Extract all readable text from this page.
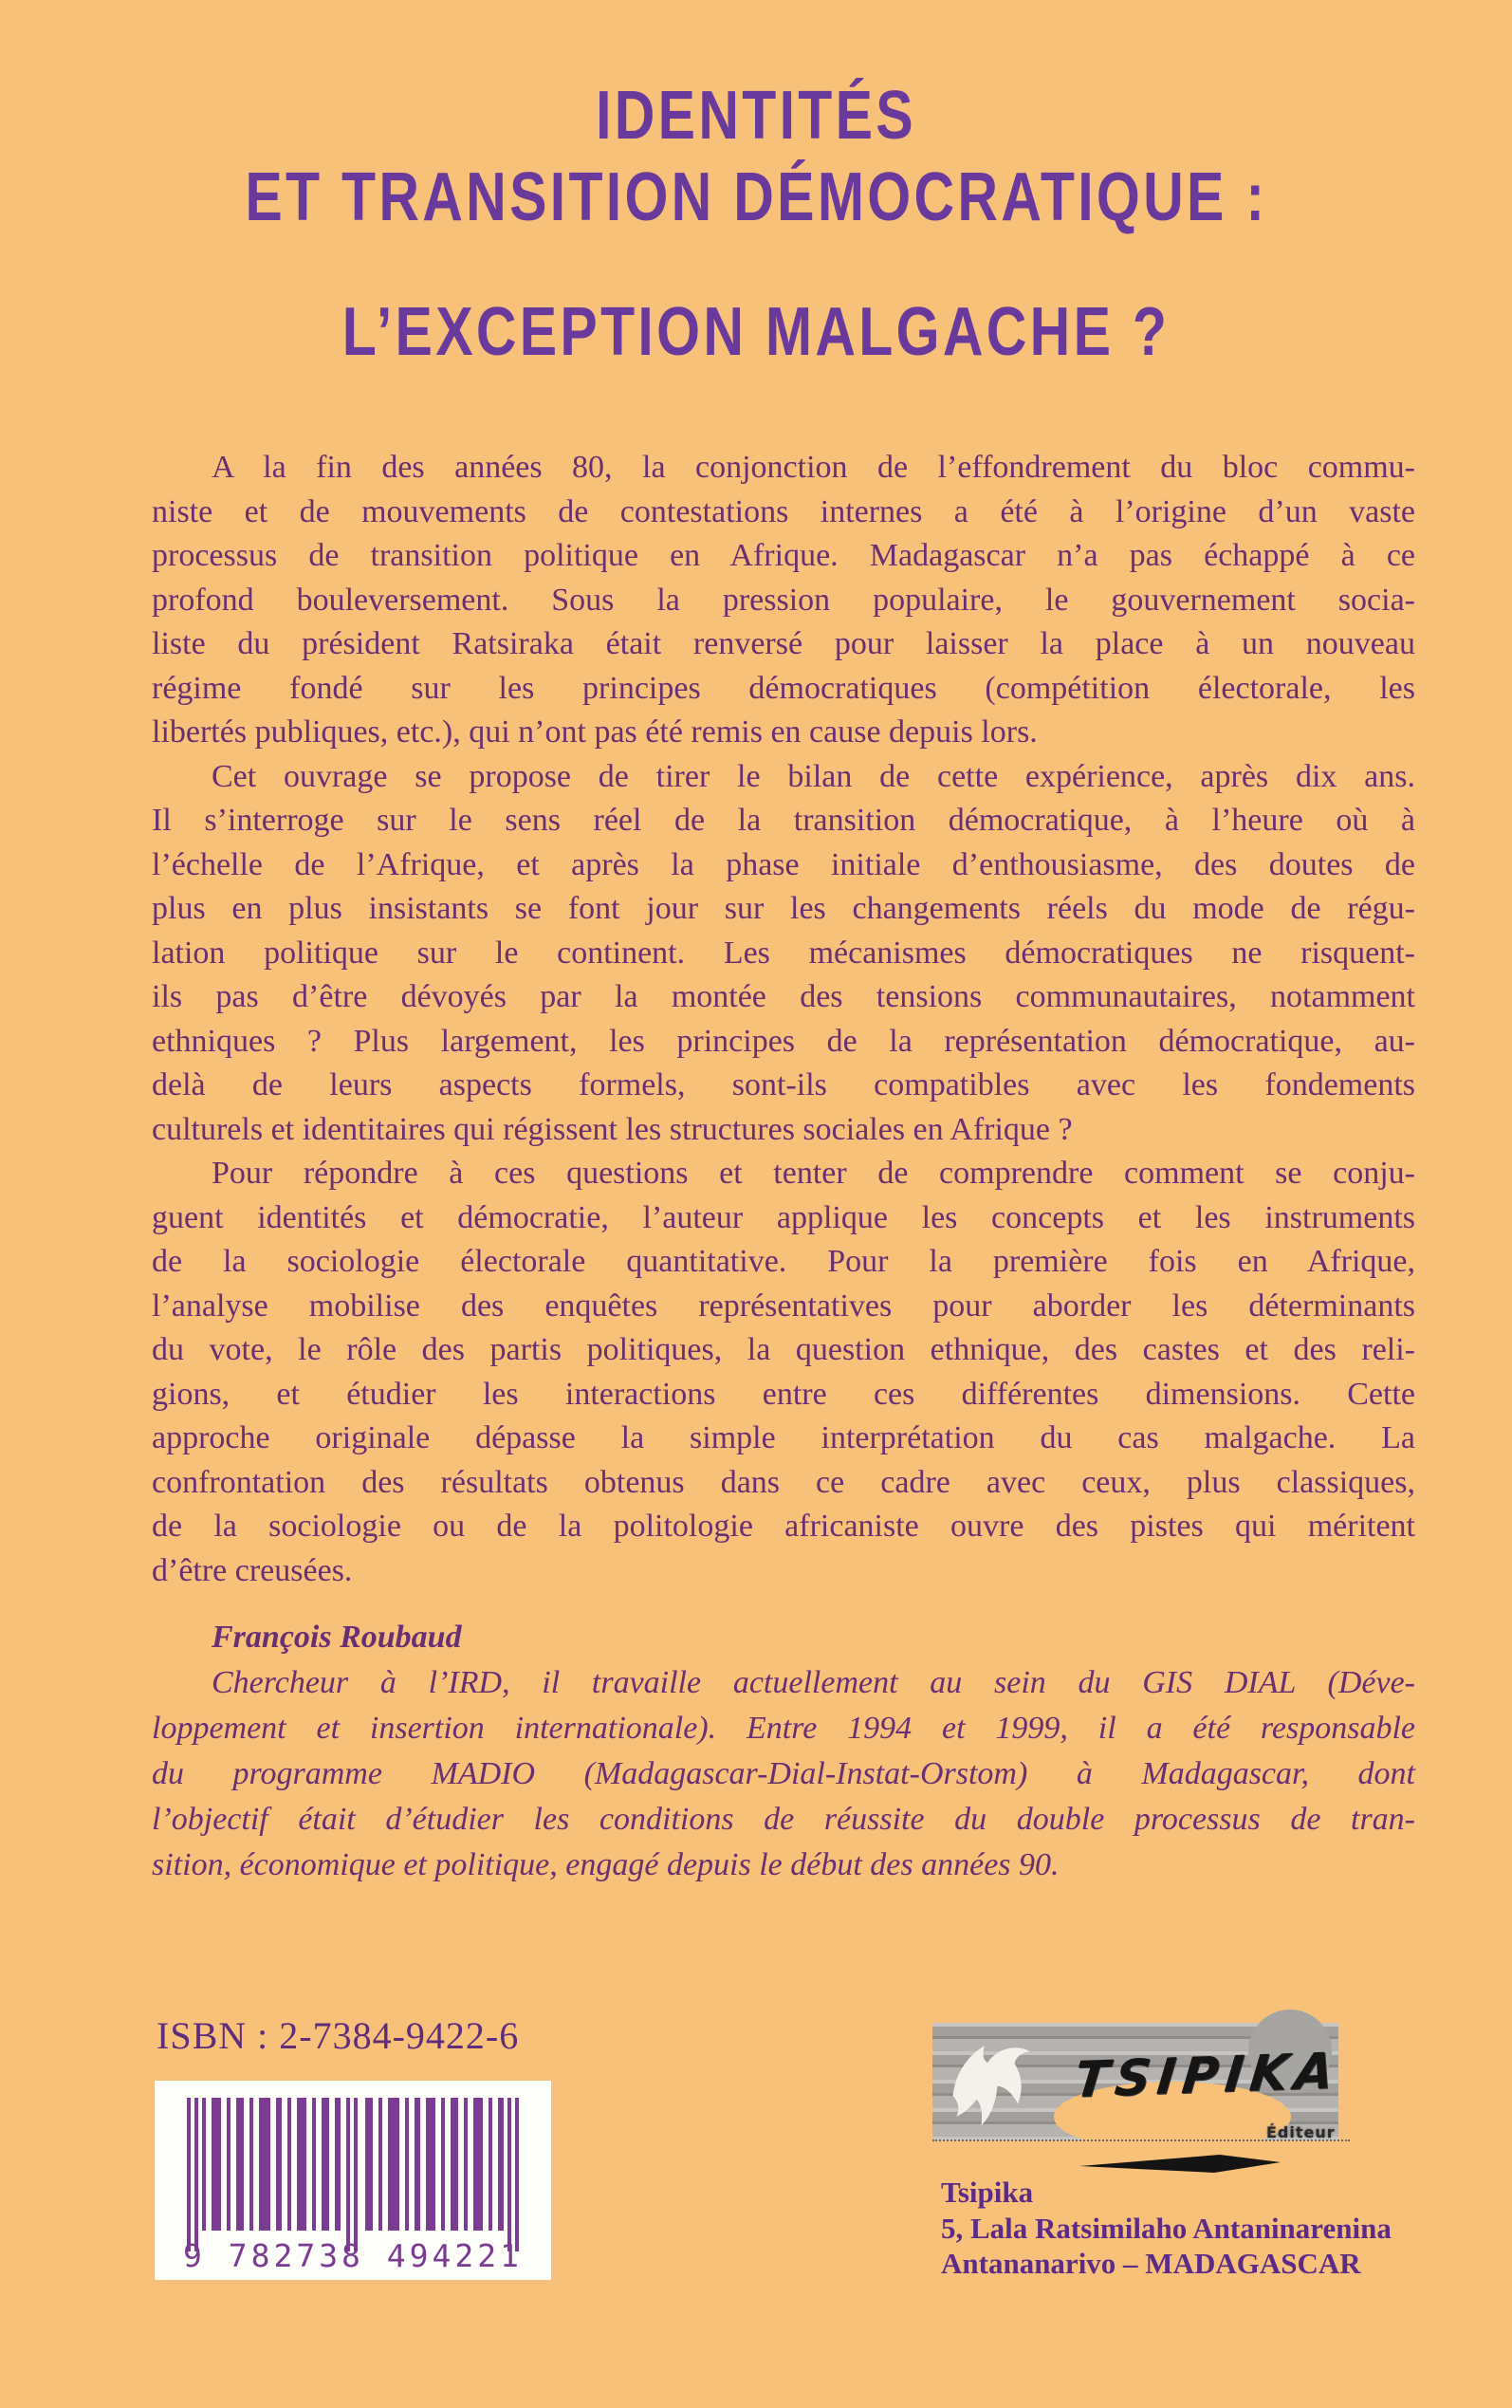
IDENTITÉS
ET TRANSITION DÉMOCRATIQUE :
L’EXCEPTION MALGACHE ?
A la fin des années 80, la conjonction de l’effondrement du bloc commu-
niste et de mouvements de contestations internes a été à l’origine d’un vaste
processus de transition politique en Afrique. Madagascar n’a pas échappé à ce
profond bouleversement. Sous la pression populaire, le gouvernement socia-
liste du président Ratsiraka était renversé pour laisser la place à un nouveau
régime fondé sur les principes démocratiques (compétition électorale, les
libertés publiques, etc.), qui n’ont pas été remis en cause depuis lors.
Cet ouvrage se propose de tirer le bilan de cette expérience, après dix ans.
Il s’interroge sur le sens réel de la transition démocratique, à l’heure où à
l’échelle de l’Afrique, et après la phase initiale d’enthousiasme, des doutes de
plus en plus insistants se font jour sur les changements réels du mode de régu-
lation politique sur le continent. Les mécanismes démocratiques ne risquent-
ils pas d’être dévoyés par la montée des tensions communautaires, notamment
ethniques ? Plus largement, les principes de la représentation démocratique, au-
delà de leurs aspects formels, sont-ils compatibles avec les fondements
culturels et identitaires qui régissent les structures sociales en Afrique ?
Pour répondre à ces questions et tenter de comprendre comment se conju-
guent identités et démocratie, l’auteur applique les concepts et les instruments
de la sociologie électorale quantitative. Pour la première fois en Afrique,
l’analyse mobilise des enquêtes représentatives pour aborder les déterminants
du vote, le rôle des partis politiques, la question ethnique, des castes et des reli-
gions, et étudier les interactions entre ces différentes dimensions. Cette
approche originale dépasse la simple interprétation du cas malgache. La
confrontation des résultats obtenus dans ce cadre avec ceux, plus classiques,
de la sociologie ou de la politologie africaniste ouvre des pistes qui méritent
d’être creusées.
François Roubaud
Chercheur à l’IRD, il travaille actuellement au sein du GIS DIAL (Déve-
loppement et insertion internationale). Entre 1994 et 1999, il a été responsable
du programme MADIO (Madagascar-Dial-Instat-Orstom) à Madagascar, dont
l’objectif était d’étudier les conditions de réussite du double processus de tran-
sition, économique et politique, engagé depuis le début des années 90.
ISBN : 2-7384-9422-6
9 782738 494221
TSIPIKA
Éditeur
Tsipika
5, Lala Ratsimilaho Antaninarenina
Antananarivo – MADAGASCAR
